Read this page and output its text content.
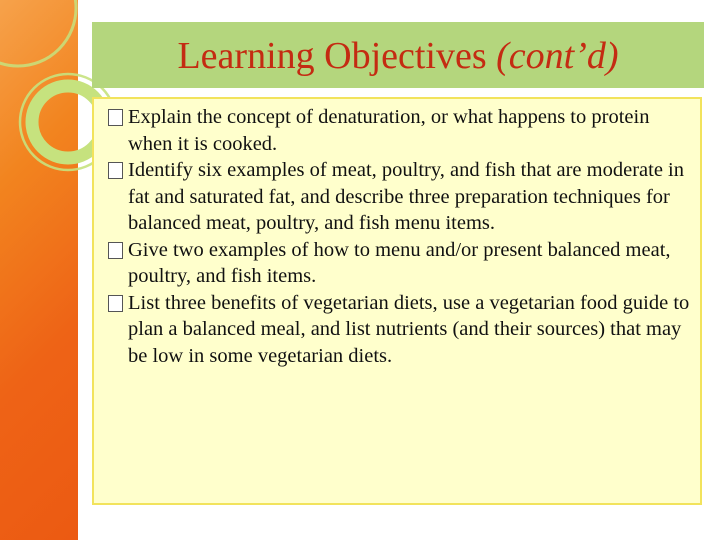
Learning Objectives (cont’d)
Explain the concept of denaturation, or what happens to protein when it is cooked.
Identify six examples of meat, poultry, and fish that are moderate in fat and saturated fat, and describe three preparation techniques for balanced meat, poultry, and fish menu items.
Give two examples of how to menu and/or present balanced meat, poultry, and fish items.
List three benefits of vegetarian diets, use a vegetarian food guide to plan a balanced meal, and list nutrients (and their sources) that may be low in some vegetarian diets.
